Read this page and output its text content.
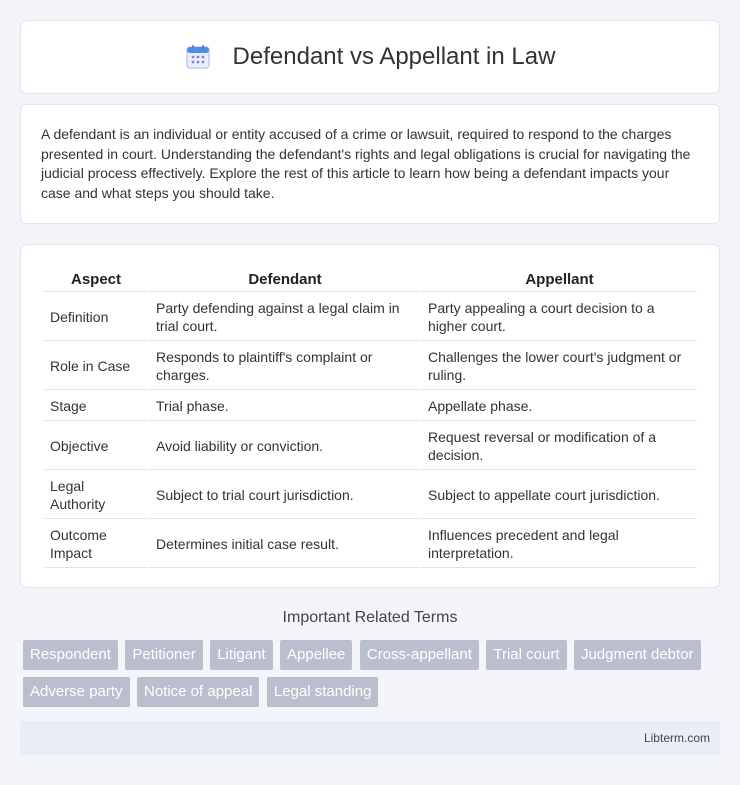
Defendant vs Appellant in Law

A defendant is an individual or entity accused of a crime or lawsuit, required to respond to the charges presented in court. Understanding the defendant's rights and legal obligations is crucial for navigating the judicial process effectively. Explore the rest of this article to learn how being a defendant impacts your case and what steps you should take.

Aspect	Defendant	Appellant
Definition	Party defending against a legal claim in trial court.	Party appealing a court decision to a higher court.
Role in Case	Responds to plaintiff's complaint or charges.	Challenges the lower court's judgment or ruling.
Stage	Trial phase.	Appellate phase.
Objective	Avoid liability or conviction.	Request reversal or modification of a decision.
Legal Authority	Subject to trial court jurisdiction.	Subject to appellate court jurisdiction.
Outcome Impact	Determines initial case result.	Influences precedent and legal interpretation.
Important Related Terms
Respondent Petitioner Litigant Appellee Cross-appellant Trial court Judgment debtor Adverse party Notice of appeal Legal standing
Libterm.com
